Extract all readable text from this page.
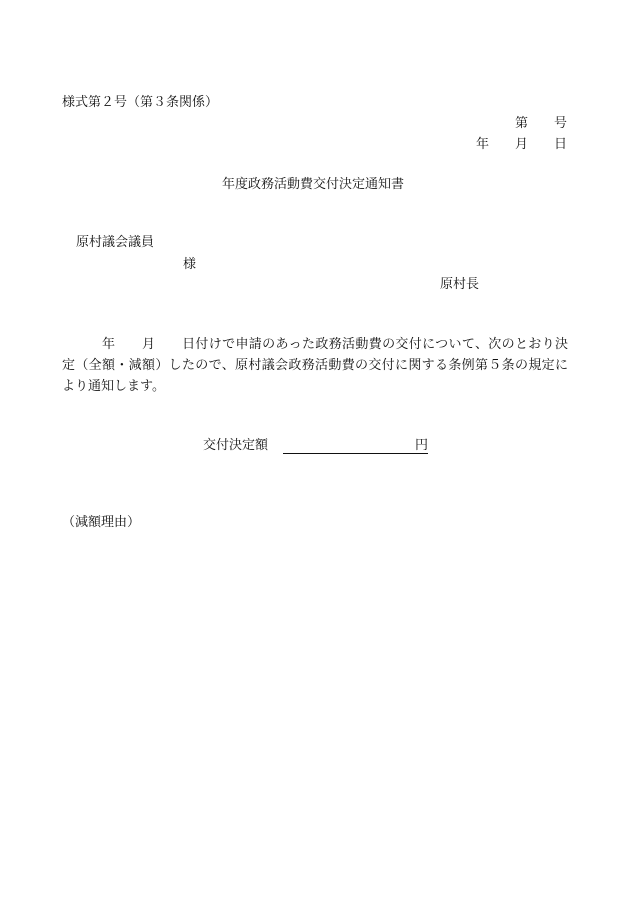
様式第２号（第３条関係）
第　　号
年　　月　　日
年度政務活動費交付決定通知書
原村議会議員
様
原村長
　　　年　　月　　日付けで申請のあった政務活動費の交付について、次のとおり決
定（全額・減額）したので、原村議会政務活動費の交付に関する条例第５条の規定に
より通知します。
交付決定額	円
（減額理由）
